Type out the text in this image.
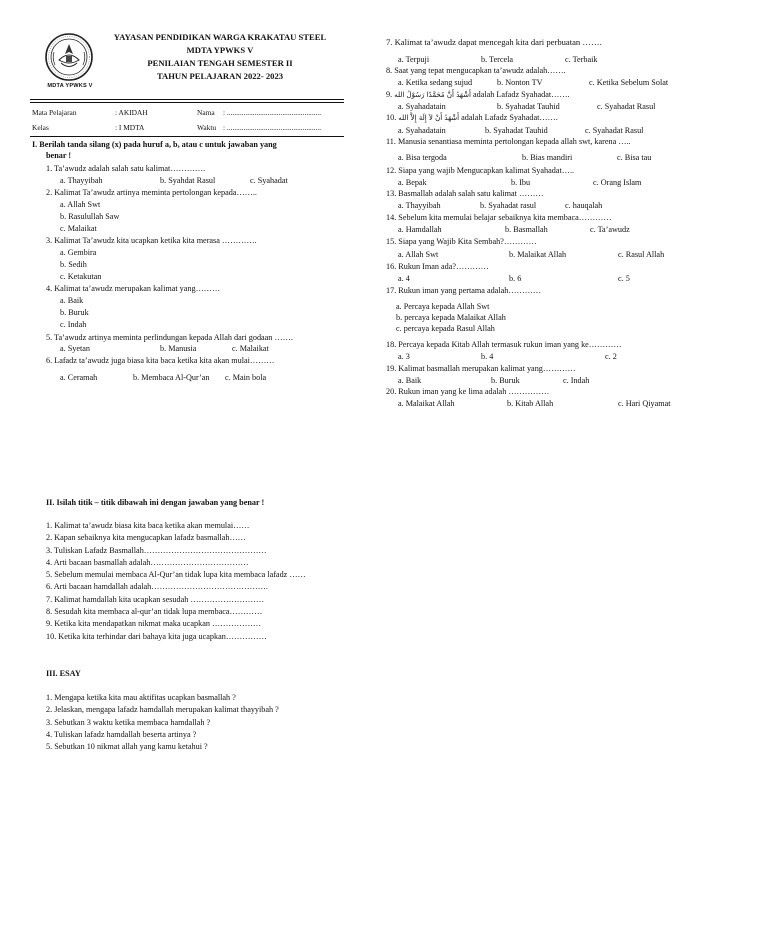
MDTA YPWKS V
YAYASAN PENDIDIKAN WARGA KRAKATAU STEEL
MDTA YPWKS V
PENILAIAN TENGAH SEMESTER II
TAHUN PELAJARAN 2022- 2023
Mata Pelajaran	: AKIDAH	Nama : ...................................................
Kelas	: I MDTA	Waktu : ...................................................
I. Berilah tanda silang (x) pada huruf a, b, atau c untuk jawaban yang
benar !
1. Ta’awudz adalah salah satu kalimat………….
a. Thayyibah	b. Syahdat Rasul	c. Syahadat
2. Kalimat Ta’awudz artinya meminta pertolongan kepada……..
a. Allah Swt
b. Rasulullah Saw
c. Malaikat
3. Kalimat Ta’awudz kita ucapkan ketika kita merasa ………….
a. Gembira
b. Sedih
c. Ketakutan
4. Kalimat ta’awudz merupakan kalimat yang………
a. Baik
b. Buruk
c. Indah
5. Ta’awudz artinya meminta perlindungan kepada Allah dari godaan …….
a. Syetan	b. Manusia	c. Malaikat
6. Lafadz ta’awudz juga biasa kita baca ketika kita akan mulai………
a. Ceramah	b. Membaca Al-Qur’an c. Main bola
7. Kalimat ta’awudz dapat mencegah kita dari perbuatan …….
a. Terpuji	b. Tercela	c. Terbaik
8. Saat yang tepat mengucapkan ta’awudz adalah…….
a. Ketika sedang sujud	b. Nonton TV	c. Ketika Sebelum Solat
9. أَشْهَدُ أَنَّ مُحَمَّدًا رَسُوْلُ الله adalah Lafadz Syahadat…….
a. Syahadatain	b. Syahadat Tauhid	c. Syahadat Rasul
10. أَشْهَدُ أَنْ لاَ إِلَهَ إِلاَّ الله adalah Lafadz Syahadat…….
a. Syahadatain	b. Syahadat Tauhid	c. Syahadat Rasul
11. Manusia senantiasa meminta pertolongan kepada allah swt, karena …..
a. Bisa tergoda	b. Bias mandiri	c. Bisa tau
12. Siapa yang wajib Mengucapkan kalimat Syahadat…..
a. Bepak	b. Ibu	c. Orang Islam
13. Basmallah adalah salah satu kalimat ………
a. Thayyibah	b. Syahadat rasul	c. hauqalah
14. Sebelum kita memulai belajar sebaiknya kita membaca…………
a. Hamdallah	b. Basmallah	c. Ta’awudz
15. Siapa yang Wajib Kita Sembah?…………
a. Allah Swt	b. Malaikat Allah	c. Rasul Allah
16. Rukun Iman ada?…………
a. 4	b. 6	c. 5
17. Rukun iman yang pertama adalah…………
a. Percaya kepada Allah Swt
b. percaya kepada Malaikat Allah
c. percaya kepada Rasul Allah
18. Percaya kepada Kitab Allah termasuk rukun iman yang ke…………
a. 3	b. 4	c. 2
19. Kalimat basmallah merupakan kalimat yang…………
a. Baik	b. Buruk	c. Indah
20. Rukun iman yang ke lima adalah ……………
a. Malaikat Allah	b. Kitab Allah	c. Hari Qiyamat
II. Isilah titik – titik dibawah ini dengan jawaban yang benar !
1. Kalimat ta’awudz biasa kita baca ketika akan memulai……
2. Kapan sebaiknya kita mengucapkan lafadz basmallah……
3. Tuliskan Lafadz Basmallah………………………………………
4. Arti bacaan basmallah adalah………………………………
5. Sebelum memulai membaca Al-Qur’an tidak lupa kita membaca lafadz ……
6. Arti bacaan hamdallah adalah…………………………………….
7. Kalimat hamdallah kita ucapkan sesudah ………………………
8. Sesudah kita membaca al-qur’an tidak lupa membaca…………
9. Ketika kita mendapatkan nikmat maka ucapkan ………………
10. Ketika kita terhindar dari bahaya kita juga ucapkan……………
III. ESAY
1. Mengapa ketika kita mau aktifitas ucapkan basmallah ?
2. Jelaskan, mengapa lafadz hamdallah merupakan kalimat thayyibah ?
3. Sebutkan 3 waktu ketika membaca hamdallah ?
4. Tuliskan lafadz hamdallah beserta artinya ?
5. Sebutkan 10 nikmat allah yang kamu ketahui ?
